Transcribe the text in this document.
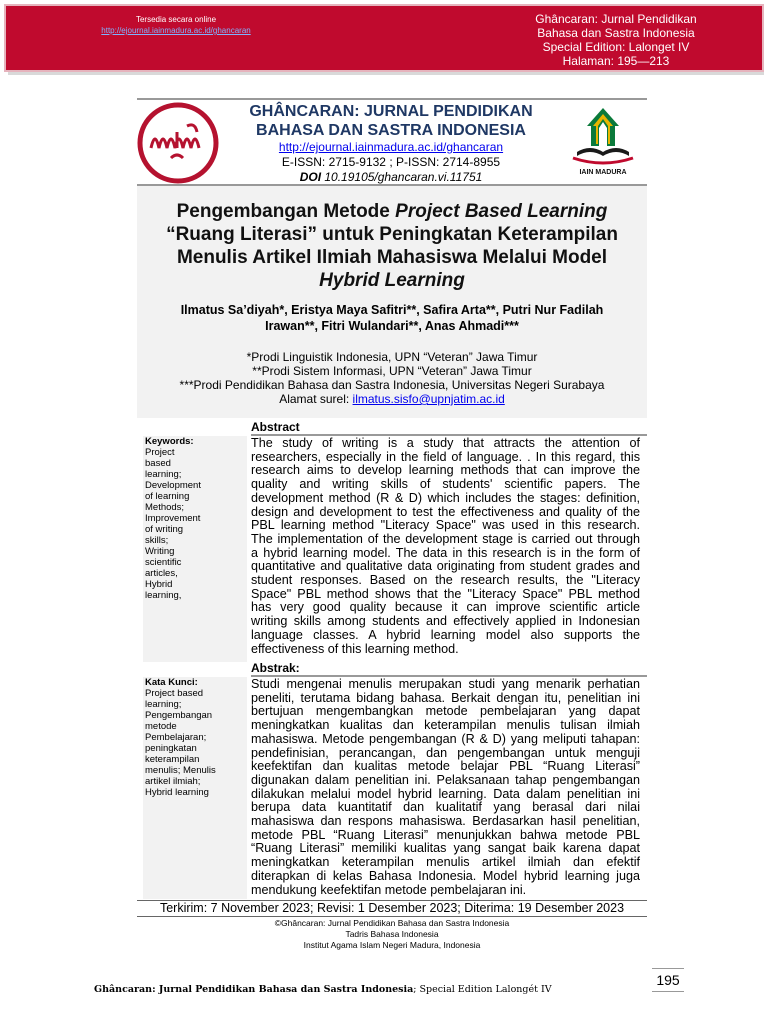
Tersedia secara online
http://ejournal.iainmadura.ac.id/ghancaran
Ghâncaran: Jurnal Pendidikan
Bahasa dan Sastra Indonesia
Special Edition: Lalonget IV
Halaman: 195—213
GHÂNCARAN: JURNAL PENDIDIKAN
BAHASA DAN SASTRA INDONESIA
http://ejournal.iainmadura.ac.id/ghancaran
E-ISSN: 2715-9132 ; P-ISSN: 2714-8955
DOI 10.19105/ghancaran.vi.11751	IAIN MADURA
Pengembangan Metode Project Based Learning
“Ruang Literasi” untuk Peningkatan Keterampilan
Menulis Artikel Ilmiah Mahasiswa Melalui Model
Hybrid Learning
Ilmatus Sa’diyah*, Eristya Maya Safitri**, Safira Arta**, Putri Nur Fadilah
Irawan**, Fitri Wulandari**, Anas Ahmadi***
*Prodi Linguistik Indonesia, UPN “Veteran” Jawa Timur
**Prodi Sistem Informasi, UPN “Veteran” Jawa Timur
***Prodi Pendidikan Bahasa dan Sastra Indonesia, Universitas Negeri Surabaya
Alamat surel: ilmatus.sisfo@upnjatim.ac.id
Abstract
Keywords:
Project
based
learning;
Development
of learning
Methods;
Improvement
of writing
skills;
Writing
scientific
articles,
Hybrid
learning,
The study of writing is a study that attracts the attention of
researchers, especially in the field of language. . In this regard, this
research aims to develop learning methods that can improve the
quality and writing skills of students' scientific papers. The
development method (R & D) which includes the stages: definition,
design and development to test the effectiveness and quality of the
PBL learning method "Literacy Space" was used in this research.
The implementation of the development stage is carried out through
a hybrid learning model. The data in this research is in the form of
quantitative and qualitative data originating from student grades and
student responses. Based on the research results, the "Literacy
Space" PBL method shows that the "Literacy Space" PBL method
has very good quality because it can improve scientific article
writing skills among students and effectively applied in Indonesian
language classes. A hybrid learning model also supports the
effectiveness of this learning method.
Abstrak:
Kata Kunci:
Project based
learning;
Pengembangan
metode
Pembelajaran;
peningkatan
keterampilan
menulis; Menulis
artikel ilmiah;
Hybrid learning
Studi mengenai menulis merupakan studi yang menarik perhatian
peneliti, terutama bidang bahasa. Berkait dengan itu, penelitian ini
bertujuan mengembangkan metode pembelajaran yang dapat
meningkatkan kualitas dan keterampilan menulis tulisan ilmiah
mahasiswa. Metode pengembangan (R & D) yang meliputi tahapan:
pendefinisian, perancangan, dan pengembangan untuk menguji
keefektifan dan kualitas metode belajar PBL “Ruang Literasi”
digunakan dalam penelitian ini. Pelaksanaan tahap pengembangan
dilakukan melalui model hybrid learning. Data dalam penelitian ini
berupa data kuantitatif dan kualitatif yang berasal dari nilai
mahasiswa dan respons mahasiswa. Berdasarkan hasil penelitian,
metode PBL “Ruang Literasi” menunjukkan bahwa metode PBL
“Ruang Literasi” memiliki kualitas yang sangat baik karena dapat
meningkatkan keterampilan menulis artikel ilmiah dan efektif
diterapkan di kelas Bahasa Indonesia. Model hybrid learning juga
mendukung keefektifan metode pembelajaran ini.
Terkirim: 7 November 2023; Revisi: 1 Desember 2023; Diterima: 19 Desember 2023
©Ghâncaran: Jurnal Pendidikan Bahasa dan Sastra Indonesia
Tadris Bahasa Indonesia
Institut Agama Islam Negeri Madura, Indonesia
195
Ghâncaran: Jurnal Pendidikan Bahasa dan Sastra Indonesia; Special Edition Lalongét IV
